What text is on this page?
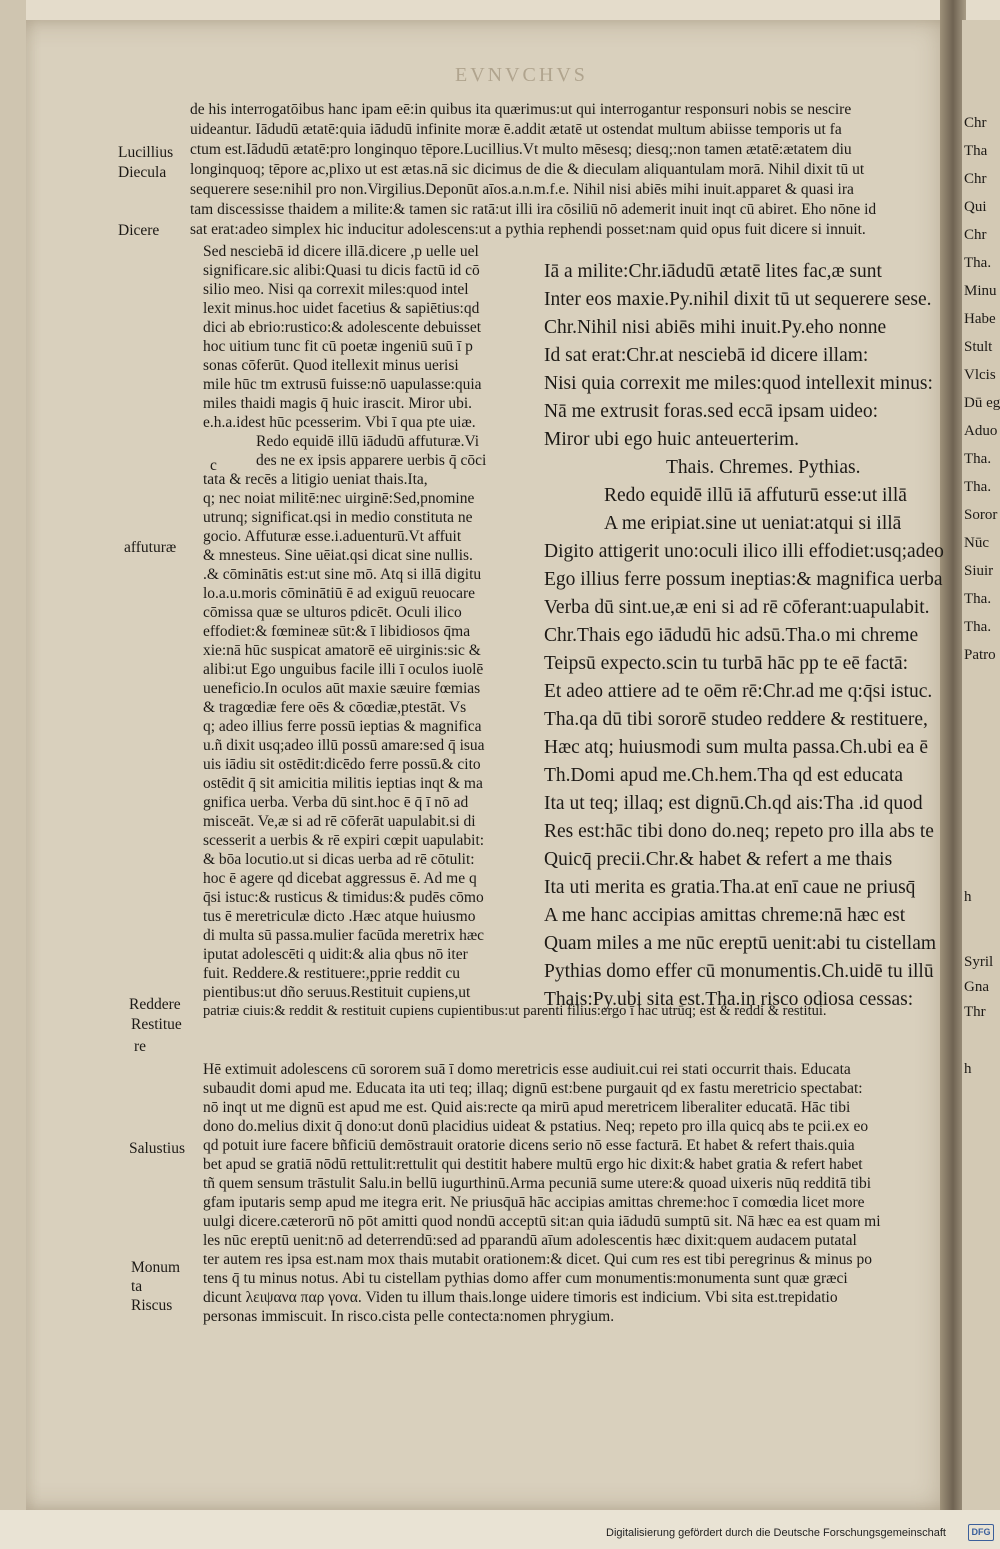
Chr
Tha
Chr
Qui
Chr
Tha.
Minu
Habe
Stult
Vlcis
Dū eg
Aduo
Tha.
Tha.
Soror
Nūc
Siuir
Tha.
Tha.
Patro
h
Syril
Gna
Thr
h
EVNVCHVS
de his interrogatōibus hanc ipam eē:in quibus ita quærimus:ut qui interrogantur responsuri nobis se nescire
uideantur. Iādudū ætatē:quia iādudū infinite moræ ē.addit ætatē ut ostendat multum abiisse temporis ut fa
ctum est.Iādudū ætatē:pro longinquo tēpore.Lucillius.Vt multo mēsesq; diesq;:non tamen ætatē:ætatem diu
longinquoq; tēpore ac,plixo ut est ætas.nā sic dicimus de die & dieculam aliquantulam morā. Nihil dixit tū ut
sequerere sese:nihil pro non.Virgilius.Deponūt aīos.a.n.m.f.e. Nihil nisi abiēs mihi inuit.apparet & quasi ira
tam discessisse thaidem a milite:& tamen sic ratā:ut illi ira cōsiliū nō ademerit inuit inqt cū abiret. Eho nōne id
sat erat:adeo simplex hic inducitur adolescens:ut a pythia rephendi posset:nam quid opus fuit dicere si innuit.
Lucillius
Diecula
Dicere
c
affuturæ
Reddere
Restitue
re
Salustius
Monum
ta
Riscus
Sed nesciebā id dicere illā.dicere ,p uelle uel
significare.sic alibi:Quasi tu dicis factū id cō
silio meo. Nisi qa correxit miles:quod intel
lexit minus.hoc uidet facetius & sapiētius:qd
dici ab ebrio:rustico:& adolescente debuisset
hoc uitium tunc fit cū poetæ ingeniū suū ī p
sonas cōferūt. Quod itellexit minus uerisi
mile hūc tm extrusū fuisse:nō uapulasse:quia
miles thaidi magis q̄ huic irascit. Miror ubi.
e.h.a.idest hūc pcesserim. Vbi ī qua pte uiæ.
Redo equidē illū iādudū affuturæ.Vi
des ne ex ipsis apparere uerbis q̄ cōci
tata & recēs a litigio ueniat thais.Ita,
q; nec noiat militē:nec uirginē:Sed,pnomine
utrunq; significat.qsi in medio constituta ne
gocio. Affuturæ esse.i.aduenturū.Vt affuit
& mnesteus. Sine uēiat.qsi dicat sine nullis.
.& cōminātis est:ut sine mō. Atq si illā digitu
lo.a.u.moris cōminātiū ē ad exiguū reuocare
cōmissa quæ se ulturos pdicēt. Oculi ilico
effodiet:& fœmineæ sūt:& ī libidiosos q̄ma
xie:nā hūc suspicat amatorē eē uirginis:sic &
alibi:ut Ego unguibus facile illi ī oculos iuolē
ueneficio.In oculos aūt maxie sæuire fœmias
& tragœdiæ fere oēs & cōœdiæ,ptestāt. Vs
q; adeo illius ferre possū ieptias & magnifica
u.ñ dixit usq;adeo illū possū amare:sed q̄ isua
uis iādiu sit ostēdit:dicēdo ferre possū.& cito
ostēdit q̄ sit amicitia militis ieptias inqt & ma
gnifica uerba. Verba dū sint.hoc ē q̄ ī nō ad
misceāt. Ve,æ si ad rē cōferāt uapulabit.si di
scesserit a uerbis & rē expiri cœpit uapulabit:
& bōa locutio.ut si dicas uerba ad rē cōtulit:
hoc ē agere qd dicebat aggressus ē. Ad me q
q̄si istuc:& rusticus & timidus:& pudēs cōmo
tus ē meretriculæ dicto .Hæc atque huiusmo
di multa sū passa.mulier facūda meretrix hæc
iputat adolescēti q uidit:& alia qbus nō iter
fuit. Reddere.& restituere:,pprie reddit cu
pientibus:ut dño seruus.Restituit cupiens,ut
patriæ ciuis:& reddit & restituit cupiens cupientibus:ut parenti filius:ergo ī hac utrūq; est & reddi & restitui.
Iā a milite:Chr.iādudū ætatē lites fac,æ sunt
Inter eos maxie.Py.nihil dixit tū ut sequerere sese.
Chr.Nihil nisi abiēs mihi inuit.Py.eho nonne
Id sat erat:Chr.at nesciebā id dicere illam:
Nisi quia correxit me miles:quod intellexit minus:
Nā me extrusit foras.sed eccā ipsam uideo:
Miror ubi ego huic anteuerterim.
Thais. Chremes. Pythias.
Redo equidē illū iā affuturū esse:ut illā
A me eripiat.sine ut ueniat:atqui si illā
Digito attigerit uno:oculi ilico illi effodiet:usq;adeo
Ego illius ferre possum ineptias:& magnifica uerba
Verba dū sint.ue,æ eni si ad rē cōferant:uapulabit.
Chr.Thais ego iādudū hic adsū.Tha.o mi chreme
Teipsū expecto.scin tu turbā hāc pp te eē factā:
Et adeo attiere ad te oēm rē:Chr.ad me q:q̄si istuc.
Tha.qa dū tibi sororē studeo reddere & restituere,
Hæc atq; huiusmodi sum multa passa.Ch.ubi ea ē
Th.Domi apud me.Ch.hem.Tha qd est educata
Ita ut teq; illaq; est dignū.Ch.qd ais:Tha .id quod
Res est:hāc tibi dono do.neq; repeto pro illa abs te
Quicq̄ precii.Chr.& habet & refert a me thais
Ita uti merita es gratia.Tha.at enī caue ne priusq̄
A me hanc accipias amittas chreme:nā hæc est
Quam miles a me nūc ereptū uenit:abi tu cistellam
Pythias domo effer cū monumentis.Ch.uidē tu illū
Thais:Py.ubi sita est.Tha.in risco odiosa cessas:
Hē extimuit adolescens cū sororem suā ī domo meretricis esse audiuit.cui rei stati occurrit thais. Educata
subaudit domi apud me. Educata ita uti teq; illaq; dignū est:bene purgauit qd ex fastu meretricio spectabat:
nō inqt ut me dignū est apud me est. Quid ais:recte qa mirū apud meretricem liberaliter educatā. Hāc tibi
dono do.melius dixit q̄ dono:ut donū placidius uideat & pstatius. Neq; repeto pro illa quicq abs te pcii.ex eo
qd potuit iure facere bñficiū demōstrauit oratorie dicens serio nō esse facturā. Et habet & refert thais.quia
bet apud se gratiā nōdū rettulit:rettulit qui destitit habere multū ergo hic dixit:& habet gratia & refert habet
tñ quem sensum trāstulit Salu.in bellū iugurthinū.Arma pecuniā sume utere:& quoad uixeris nūq redditā tibi
gfam iputaris semp apud me itegra erit. Ne priusq̄uā hāc accipias amittas chreme:hoc ī comœdia licet more
uulgi dicere.cæterorū nō pōt amitti quod nondū acceptū sit:an quia iādudū sumptū sit. Nā hæc ea est quam mi
les nūc ereptū uenit:nō ad deterrendū:sed ad pparandū aīum adolescentis hæc dixit:quem audacem putatal
ter autem res ipsa est.nam mox thais mutabit orationem:& dicet. Qui cum res est tibi peregrinus & minus po
tens q̄ tu minus notus. Abi tu cistellam pythias domo affer cum monumentis:monumenta sunt quæ græci
dicunt λειψανα παρ γονα. Viden tu illum thais.longe uidere timoris est indicium. Vbi sita est.trepidatio
personas immiscuit. In risco.cista pelle contecta:nomen phrygium.
Digitalisierung gefördert durch die Deutsche Forschungsgemeinschaft	DFG
